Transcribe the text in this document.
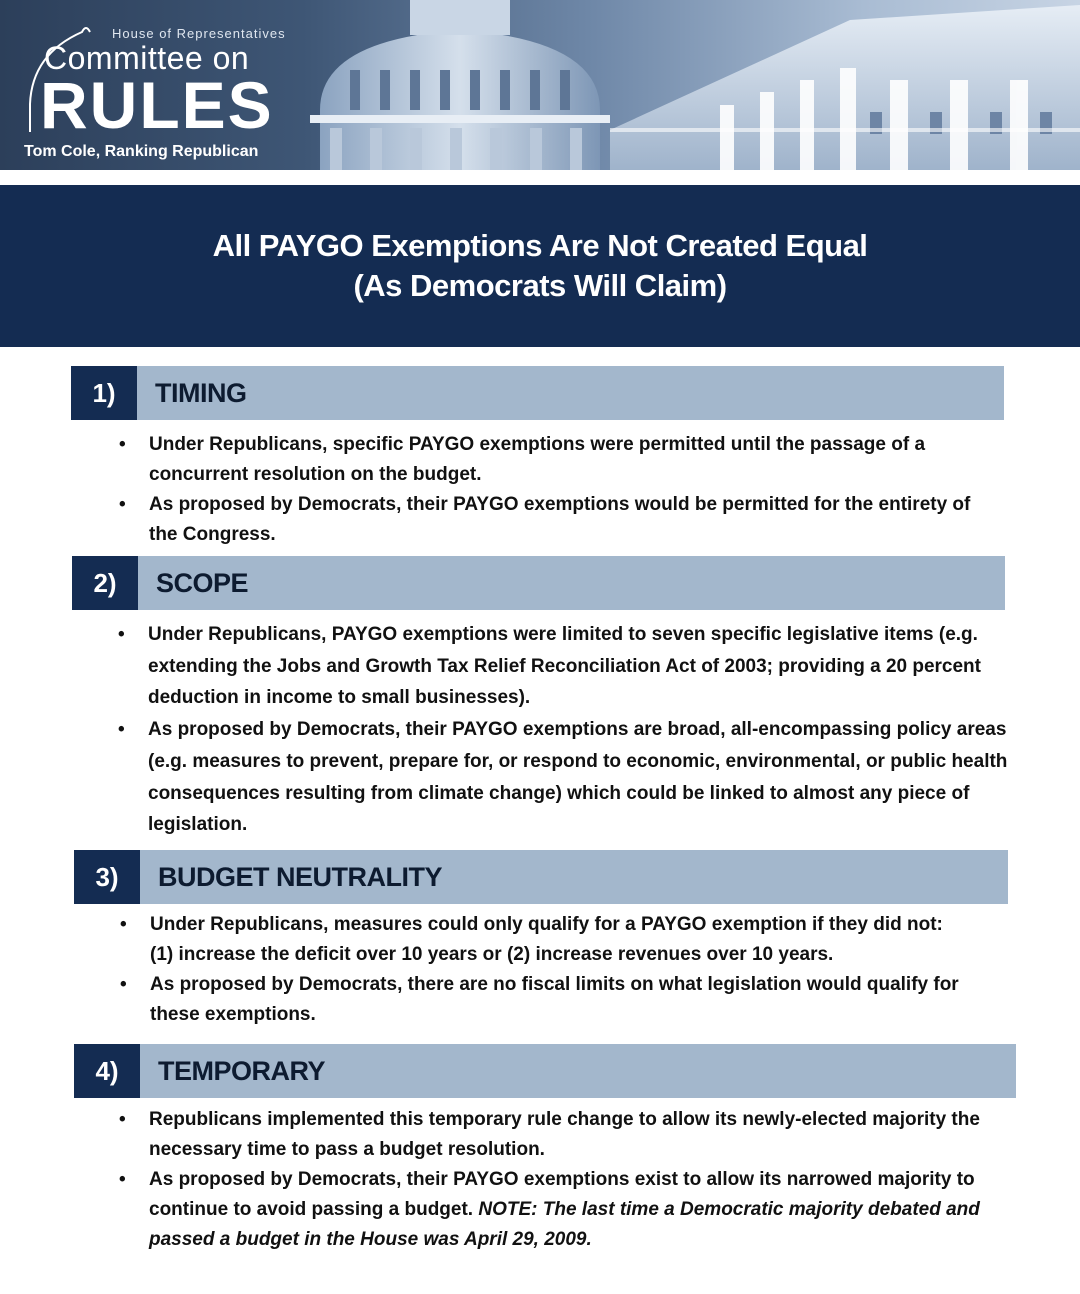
House of Representatives
Committee on
RULES
Tom Cole, Ranking Republican
All PAYGO Exemptions Are Not Created Equal
(As Democrats Will Claim)
1)	TIMING
• Under Republicans, specific PAYGO exemptions were permitted until the passage of a concurrent resolution on the budget.
• As proposed by Democrats, their PAYGO exemptions would be permitted for the entirety of the Congress.
2)	SCOPE
• Under Republicans, PAYGO exemptions were limited to seven specific legislative items (e.g. extending the Jobs and Growth Tax Relief Reconciliation Act of 2003; providing a 20 percent deduction in income to small businesses).
• As proposed by Democrats, their PAYGO exemptions are broad, all-encompassing policy areas (e.g. measures to prevent, prepare for, or respond to economic, environmental, or public health consequences resulting from climate change) which could be linked to almost any piece of legislation.
3)	BUDGET NEUTRALITY
• Under Republicans, measures could only qualify for a PAYGO exemption if they did not:
(1) increase the deficit over 10 years or (2) increase revenues over 10 years.
• As proposed by Democrats, there are no fiscal limits on what legislation would qualify for these exemptions.
4)	TEMPORARY
• Republicans implemented this temporary rule change to allow its newly-elected majority the necessary time to pass a budget resolution.
• As proposed by Democrats, their PAYGO exemptions exist to allow its narrowed majority to continue to avoid passing a budget. NOTE: The last time a Democratic majority debated and passed a budget in the House was April 29, 2009.
